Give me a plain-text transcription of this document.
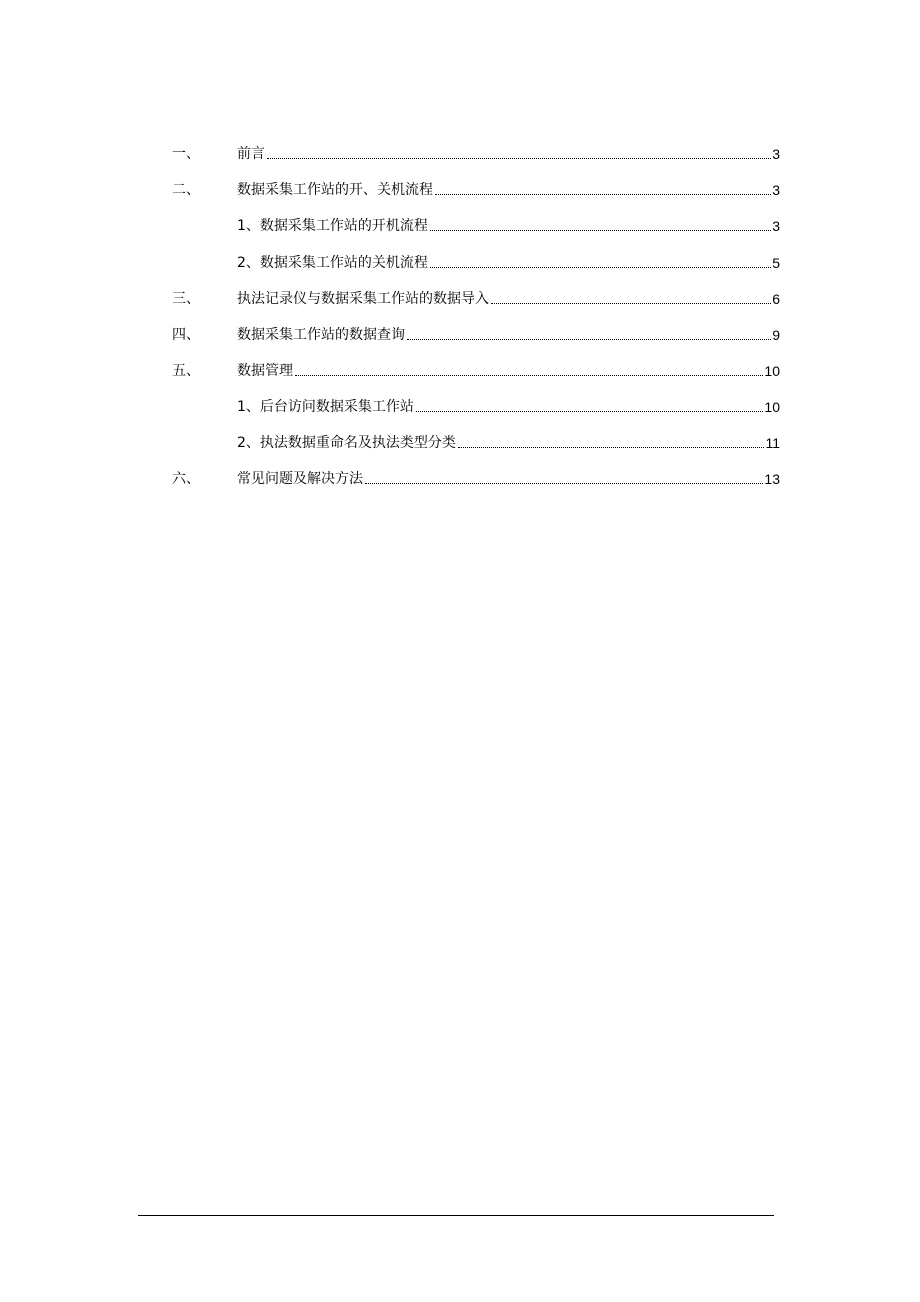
一、	前言	3
二、	数据采集工作站的开、关机流程	3
1、数据采集工作站的开机流程	3
2、数据采集工作站的关机流程	5
三、	执法记录仪与数据采集工作站的数据导入	6
四、	数据采集工作站的数据查询	9
五、	数据管理	10
1、后台访问数据采集工作站	10
2、执法数据重命名及执法类型分类	11
六、	常见问题及解决方法	13
